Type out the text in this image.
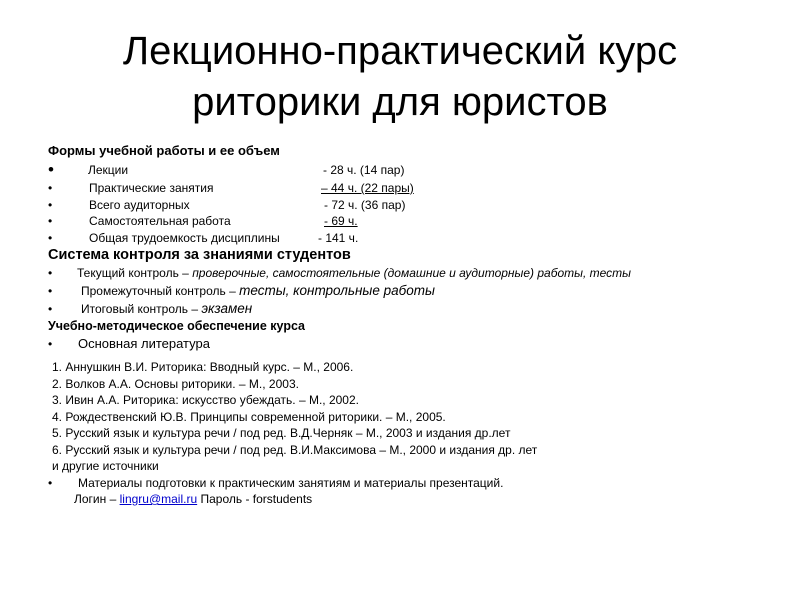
Лекционно-практический курс
риторики для юристов
Формы учебной работы и ее объем
•	Лекции	- 28 ч. (14 пар)
•	Практические занятия	– 44 ч. (22 пары)
•	Всего аудиторных	- 72 ч. (36 пар)
•	Самостоятельная работа	- 69 ч.
•	Общая трудоемкость дисциплины	- 141 ч.
Система контроля за знаниями студентов
• Текущий контроль – проверочные, самостоятельные (домашние и аудиторные) работы, тесты
• Промежуточный контроль – тесты, контрольные работы
• Итоговый контроль – экзамен
Учебно-методическое обеспечение курса
• Основная литература
1. Аннушкин В.И. Риторика: Вводный курс. – М., 2006.
2. Волков А.А. Основы риторики. – М., 2003.
3. Ивин А.А. Риторика: искусство убеждать. – М., 2002.
4. Рождественский Ю.В. Принципы современной риторики. – М., 2005.
5. Русский язык и культура речи / под ред. В.Д.Черняк – М., 2003 и издания др.лет
6. Русский язык и культура речи / под ред. В.И.Максимова – М., 2000 и издания др. лет
и другие источники
• Материалы подготовки к практическим занятиям и материалы презентаций.
Логин – lingru@mail.ru Пароль - forstudents
